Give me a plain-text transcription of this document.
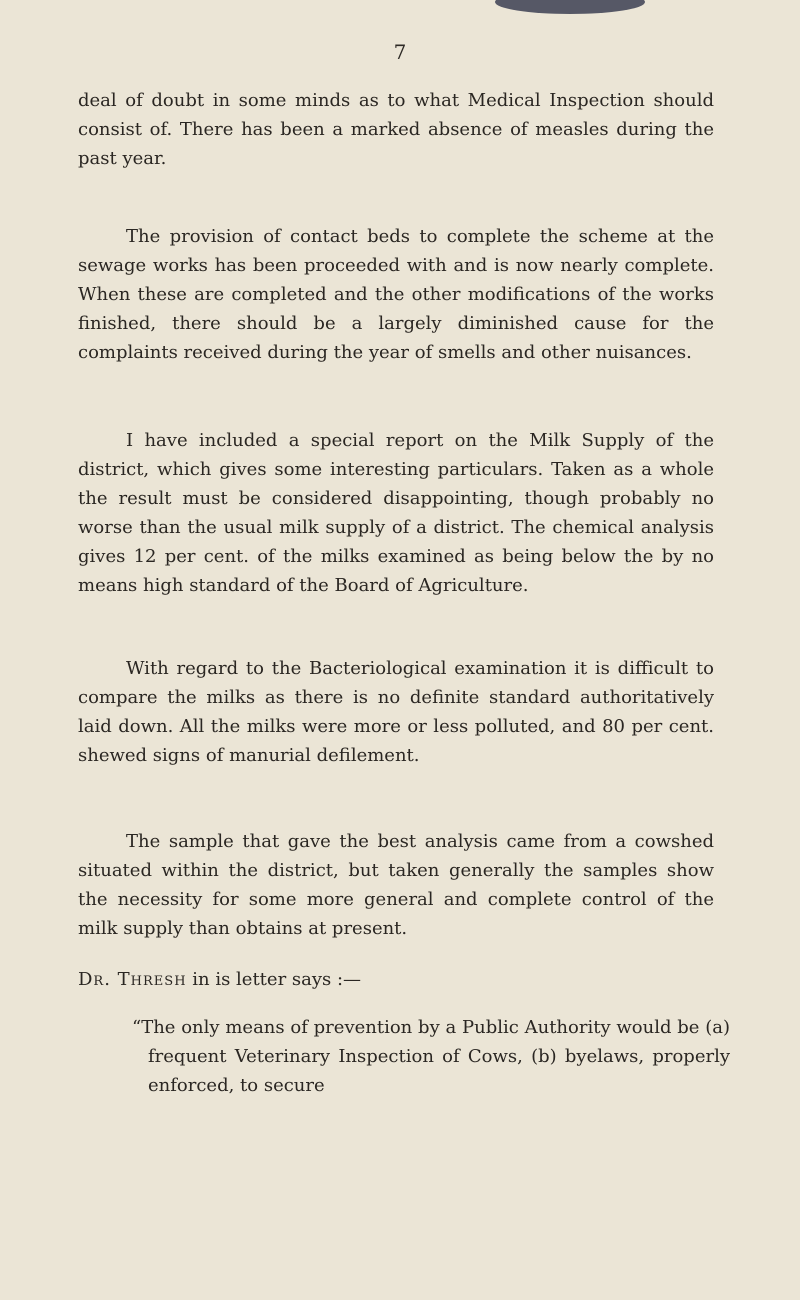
7

deal of doubt in some minds as to what Medical Inspection should consist of. There has been a marked absence of measles during the past year.

The provision of contact beds to complete the scheme at the sewage works has been proceeded with and is now nearly complete. When these are completed and the other modifications of the works finished, there should be a largely diminished cause for the complaints received during the year of smells and other nuisances.

I have included a special report on the Milk Supply of the district, which gives some interesting particulars. Taken as a whole the result must be considered disappointing, though probably no worse than the usual milk supply of a district. The chemical analysis gives 12 per cent. of the milks examined as being below the by no means high standard of the Board of Agriculture.

With regard to the Bacteriological examination it is difficult to compare the milks as there is no definite standard authoritatively laid down. All the milks were more or less polluted, and 80 per cent. shewed signs of manurial defilement.

The sample that gave the best analysis came from a cowshed situated within the district, but taken generally the samples show the necessity for some more general and complete control of the milk supply than obtains at present.

Dr. Thresh in is letter says :—

“The only means of prevention by a Public Authority would be (a) frequent Veterinary Inspection of Cows, (b) byelaws, properly enforced, to secure
